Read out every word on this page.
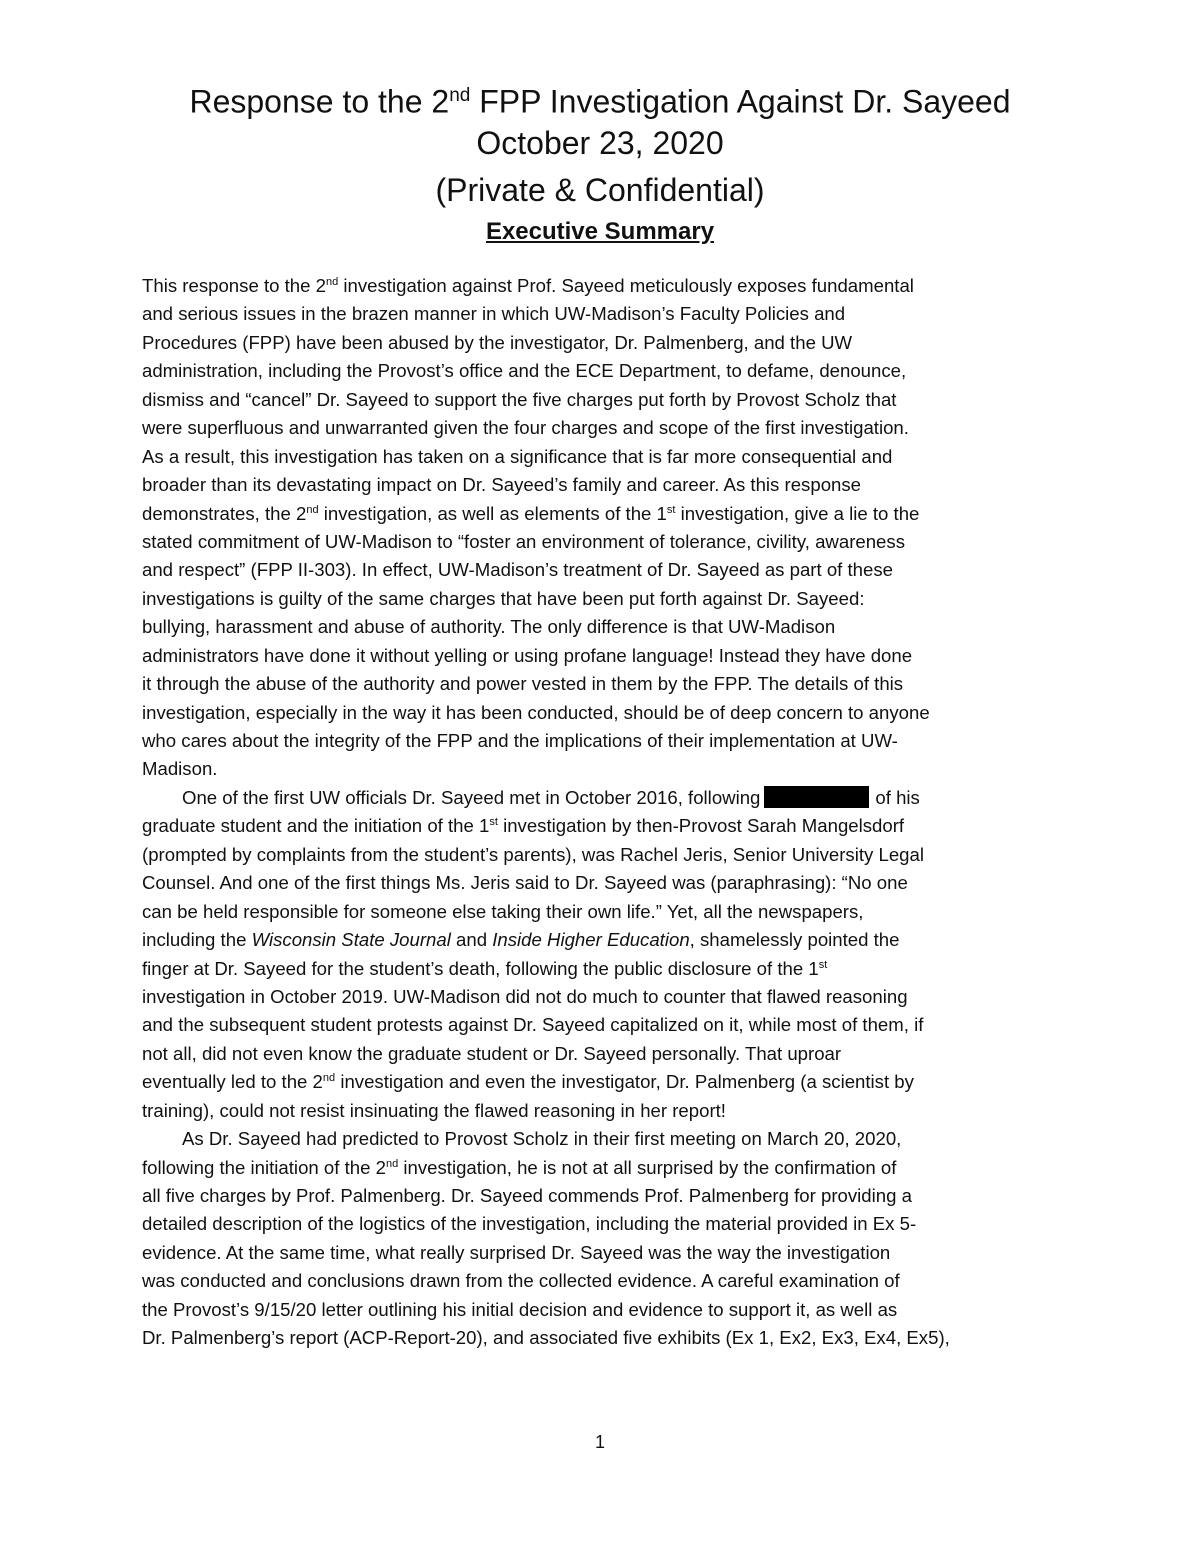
Response to the 2nd FPP Investigation Against Dr. Sayeed
October 23, 2020
(Private & Confidential)
Executive Summary
This response to the 2nd investigation against Prof. Sayeed meticulously exposes fundamental
and serious issues in the brazen manner in which UW-Madison’s Faculty Policies and
Procedures (FPP) have been abused by the investigator, Dr. Palmenberg, and the UW
administration, including the Provost’s office and the ECE Department, to defame, denounce,
dismiss and “cancel” Dr. Sayeed to support the five charges put forth by Provost Scholz that
were superfluous and unwarranted given the four charges and scope of the first investigation.
As a result, this investigation has taken on a significance that is far more consequential and
broader than its devastating impact on Dr. Sayeed’s family and career. As this response
demonstrates, the 2nd investigation, as well as elements of the 1st investigation, give a lie to the
stated commitment of UW-Madison to “foster an environment of tolerance, civility, awareness
and respect” (FPP II-303). In effect, UW-Madison’s treatment of Dr. Sayeed as part of these
investigations is guilty of the same charges that have been put forth against Dr. Sayeed:
bullying, harassment and abuse of authority. The only difference is that UW-Madison
administrators have done it without yelling or using profane language! Instead they have done
it through the abuse of the authority and power vested in them by the FPP. The details of this
investigation, especially in the way it has been conducted, should be of deep concern to anyone
who cares about the integrity of the FPP and the implications of their implementation at UW-
Madison.
One of the first UW officials Dr. Sayeed met in October 2016, following	of his
graduate student and the initiation of the 1st investigation by then-Provost Sarah Mangelsdorf
(prompted by complaints from the student’s parents), was Rachel Jeris, Senior University Legal
Counsel. And one of the first things Ms. Jeris said to Dr. Sayeed was (paraphrasing): “No one
can be held responsible for someone else taking their own life.” Yet, all the newspapers,
including the Wisconsin State Journal and Inside Higher Education, shamelessly pointed the
finger at Dr. Sayeed for the student’s death, following the public disclosure of the 1st
investigation in October 2019. UW-Madison did not do much to counter that flawed reasoning
and the subsequent student protests against Dr. Sayeed capitalized on it, while most of them, if
not all, did not even know the graduate student or Dr. Sayeed personally. That uproar
eventually led to the 2nd investigation and even the investigator, Dr. Palmenberg (a scientist by
training), could not resist insinuating the flawed reasoning in her report!
As Dr. Sayeed had predicted to Provost Scholz in their first meeting on March 20, 2020,
following the initiation of the 2nd investigation, he is not at all surprised by the confirmation of
all five charges by Prof. Palmenberg. Dr. Sayeed commends Prof. Palmenberg for providing a
detailed description of the logistics of the investigation, including the material provided in Ex 5-
evidence. At the same time, what really surprised Dr. Sayeed was the way the investigation
was conducted and conclusions drawn from the collected evidence. A careful examination of
the Provost’s 9/15/20 letter outlining his initial decision and evidence to support it, as well as
Dr. Palmenberg’s report (ACP-Report-20), and associated five exhibits (Ex 1, Ex2, Ex3, Ex4, Ex5),
1
